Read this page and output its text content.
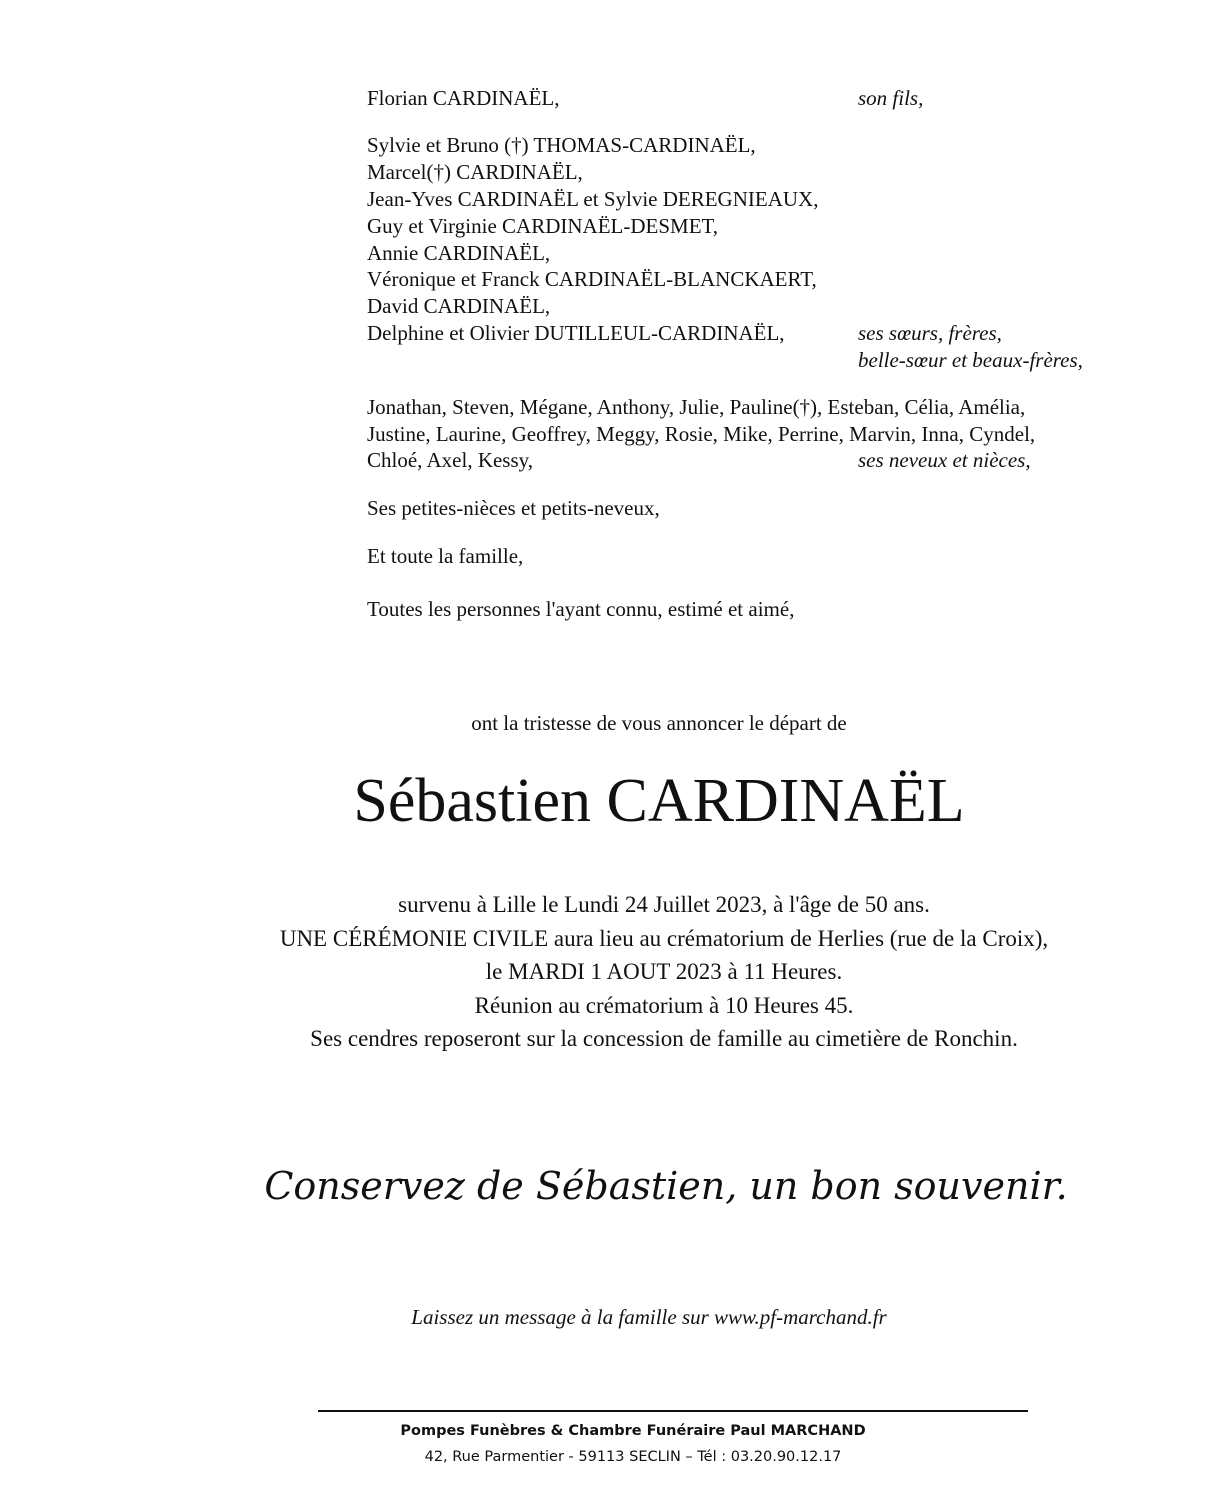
Florian CARDINAËL,	son fils,
Sylvie et Bruno (†) THOMAS-CARDINAËL,
Marcel(†) CARDINAËL,
Jean-Yves CARDINAËL et Sylvie DEREGNIEAUX,
Guy et Virginie CARDINAËL-DESMET,
Annie CARDINAËL,
Véronique et Franck CARDINAËL-BLANCKAERT,
David CARDINAËL,
Delphine et Olivier DUTILLEUL-CARDINAËL,	ses sœurs, frères,
belle-sœur et beaux-frères,
Jonathan, Steven, Mégane, Anthony, Julie, Pauline(†), Esteban, Célia, Amélia,
Justine, Laurine, Geoffrey, Meggy, Rosie, Mike, Perrine, Marvin, Inna, Cyndel,
Chloé, Axel, Kessy,	ses neveux et nièces,
Ses petites-nièces et petits-neveux,
Et toute la famille,
Toutes les personnes l'ayant connu, estimé et aimé,
ont la tristesse de vous annoncer le départ de
Sébastien CARDINAËL
survenu à Lille le Lundi 24 Juillet 2023, à l'âge de 50 ans.
UNE CÉRÉMONIE CIVILE aura lieu au crématorium de Herlies (rue de la Croix),
le MARDI 1 AOUT 2023 à 11 Heures.
Réunion au crématorium à 10 Heures 45.
Ses cendres reposeront sur la concession de famille au cimetière de Ronchin.
Conservez de Sébastien, un bon souvenir.
Laissez un message à la famille sur www.pf-marchand.fr
Pompes Funèbres & Chambre Funéraire Paul MARCHAND
42, Rue Parmentier - 59113 SECLIN – Tél : 03.20.90.12.17
